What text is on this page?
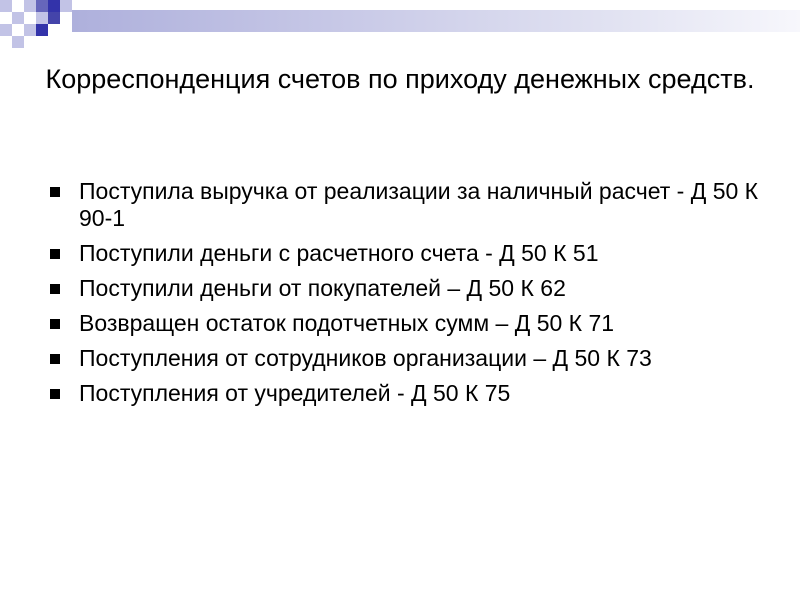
Корреспонденция счетов по приходу денежных средств.
Поступила выручка от реализации за наличный расчет - Д 50 К 90-1
Поступили деньги с расчетного счета - Д 50 К 51
Поступили деньги от покупателей – Д 50 К 62
Возвращен остаток подотчетных сумм – Д 50 К 71
Поступления от сотрудников организации – Д 50 К 73
Поступления от учредителей - Д 50 К 75
